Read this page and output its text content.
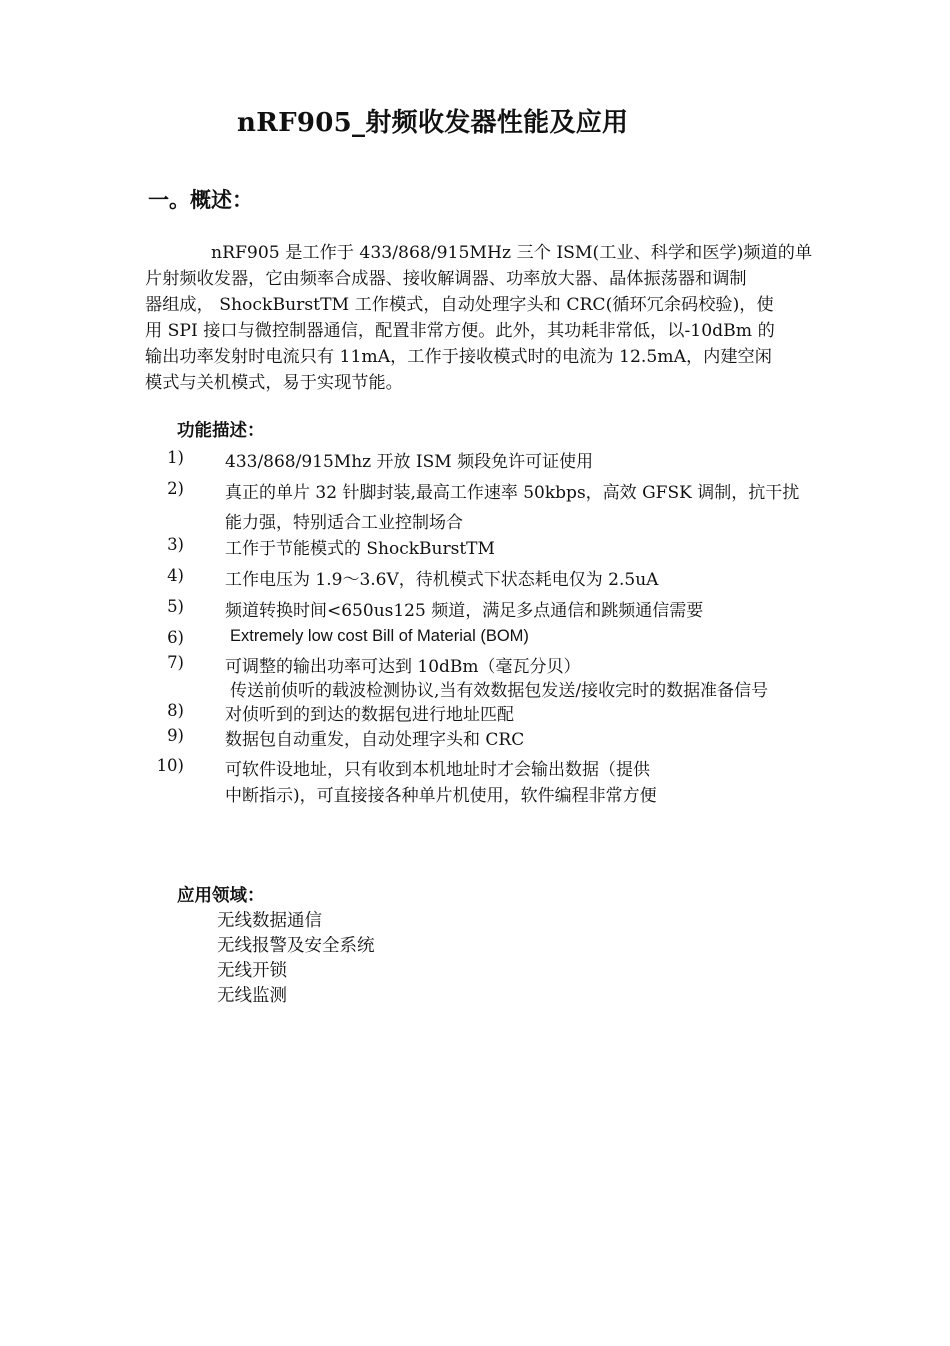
nRF905_射频收发器性能及应用
一。概述：
nRF905 是工作于 433/868/915MHz 三个 ISM(工业、科学和医学)频道的单
片射频收发器，它由频率合成器、接收解调器、功率放大器、晶体振荡器和调制
器组成， ShockBurstTM 工作模式，自动处理字头和 CRC(循环冗余码校验)，使
用 SPI 接口与微控制器通信，配置非常方便。此外，其功耗非常低，以-10dBm 的
输出功率发射时电流只有 11mA，工作于接收模式时的电流为 12.5mA，内建空闲
模式与关机模式，易于实现节能。
功能描述：
1) 433/868/915Mhz 开放 ISM 频段免许可证使用
2) 真正的单片 32 针脚封装,最高工作速率 50kbps，高效 GFSK 调制，抗干扰
能力强，特别适合工业控制场合
3) 工作于节能模式的 ShockBurstTM
4) 工作电压为 1.9～3.6V，待机模式下状态耗电仅为 2.5uA
5) 频道转换时间<650us125 频道，满足多点通信和跳频通信需要
6)	Extremely low cost Bill of Material (BOM)
7) 可调整的输出功率可达到 10dBm（毫瓦分贝）
传送前侦听的载波检测协议,当有效数据包发送/接收完时的数据准备信号
8) 对侦听到的到达的数据包进行地址匹配
9) 数据包自动重发，自动处理字头和 CRC
10) 可软件设地址，只有收到本机地址时才会输出数据（提供
中断指示)，可直接接各种单片机使用，软件编程非常方便
应用领域：
无线数据通信
无线报警及安全系统
无线开锁
无线监测
